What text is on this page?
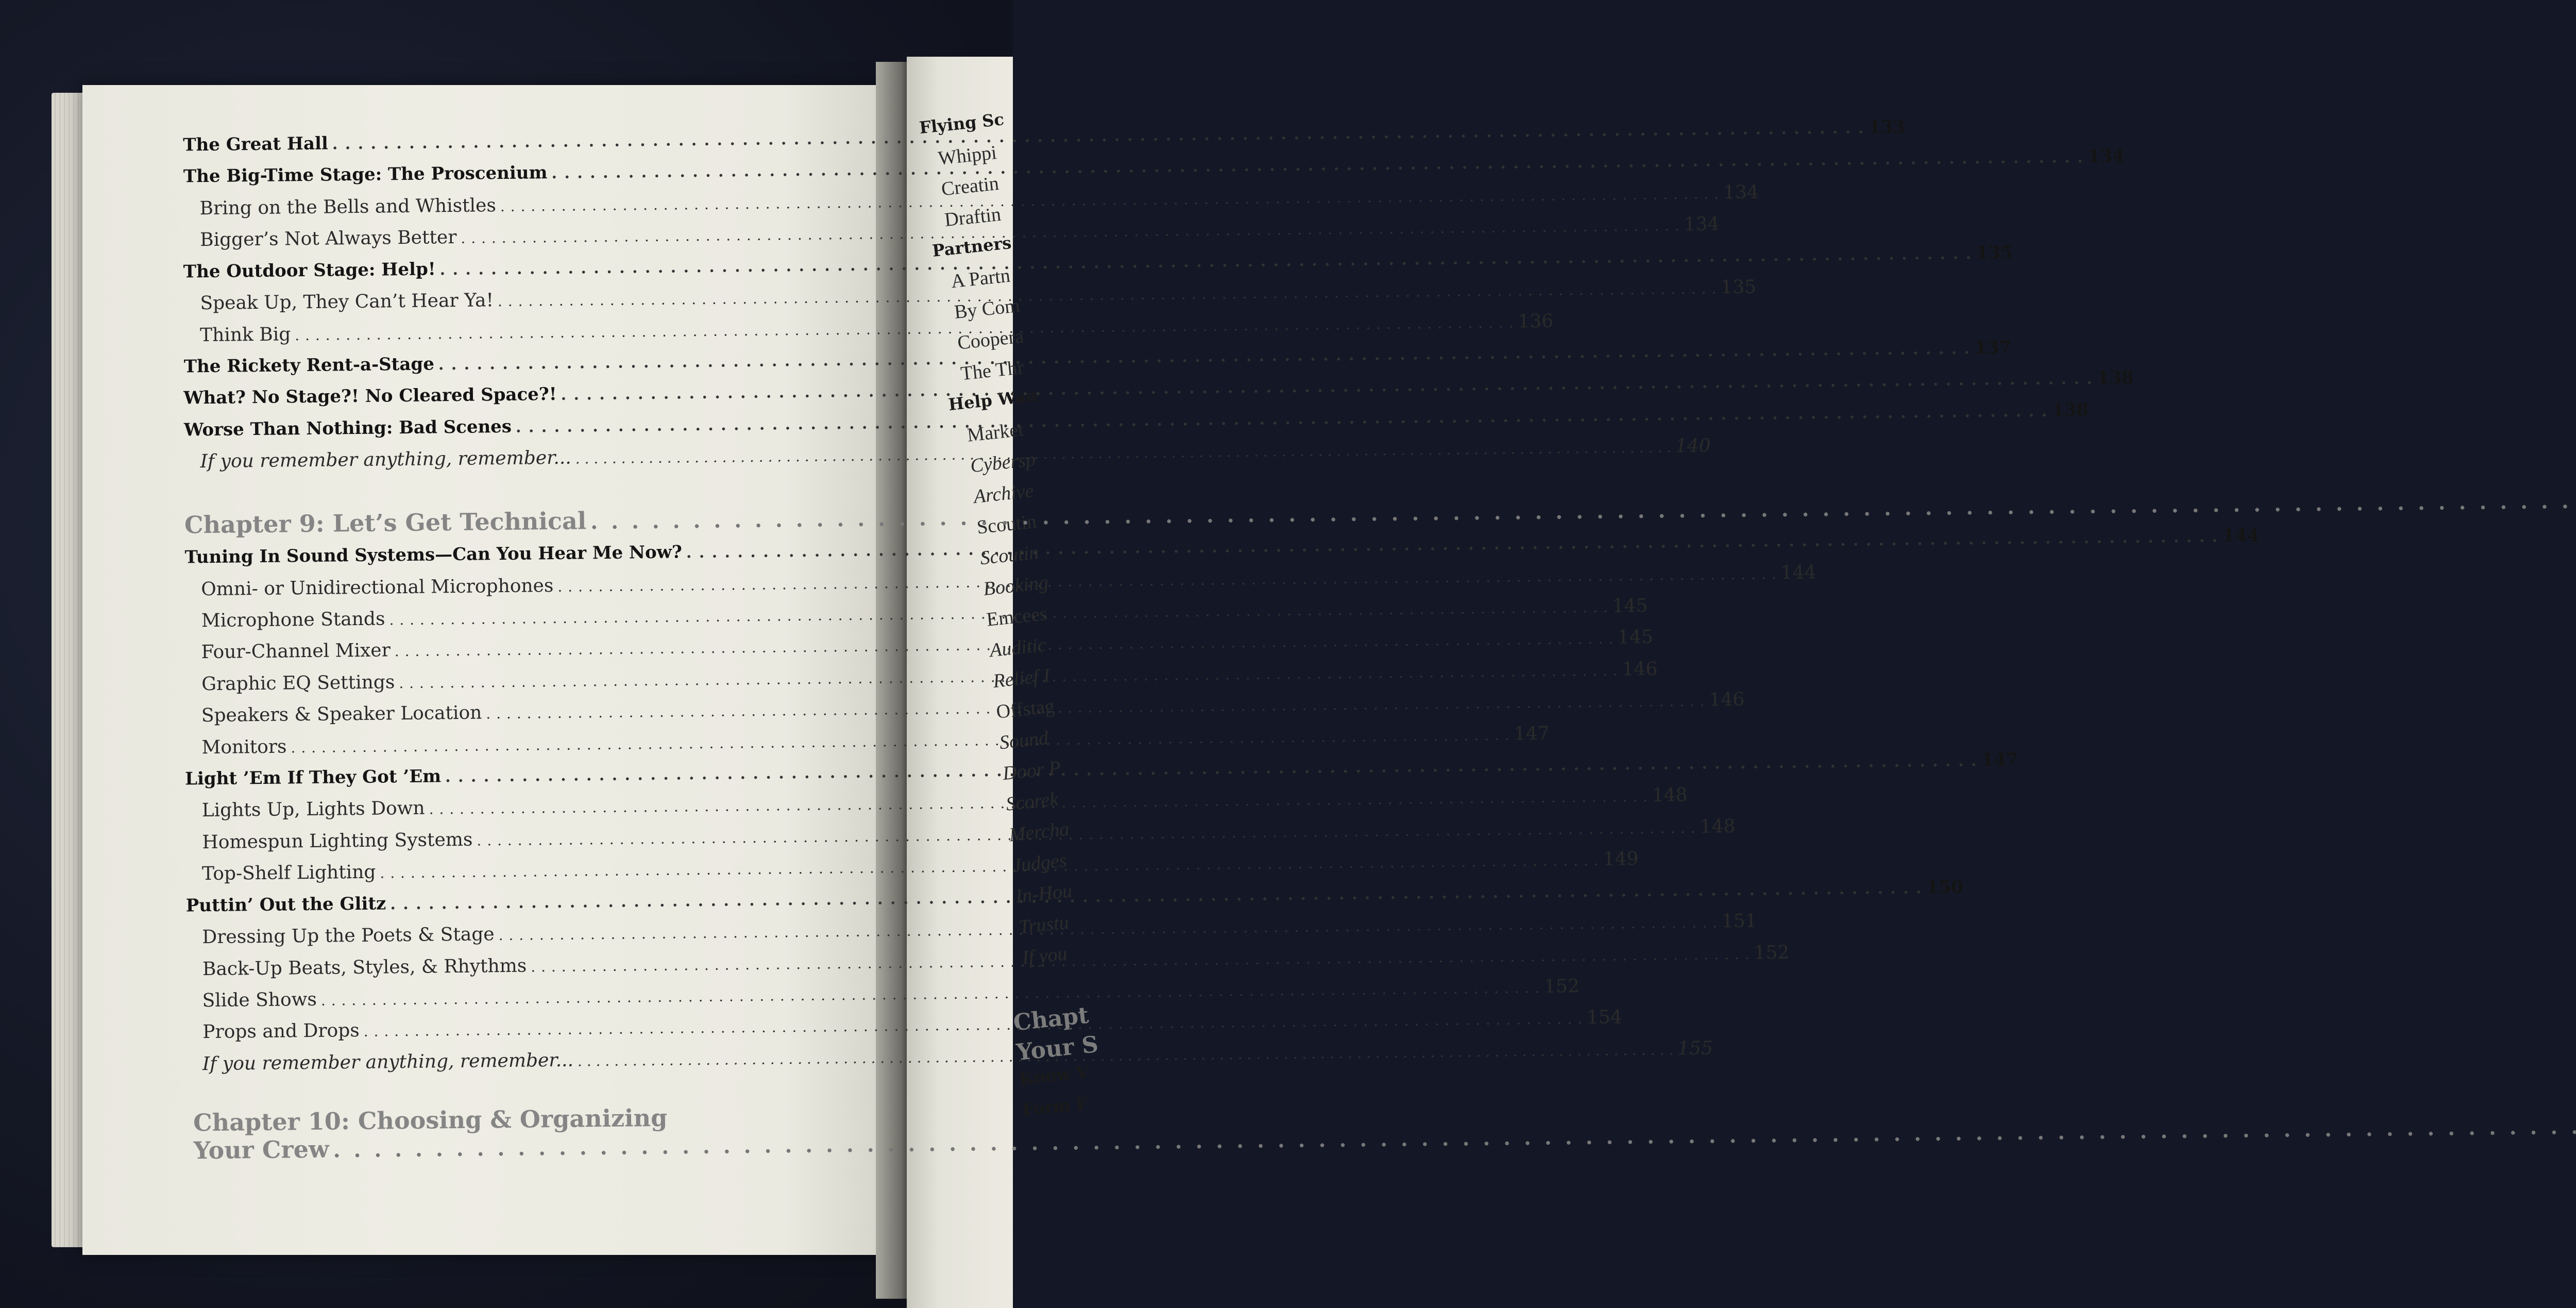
Flying Sc
Whippi
Creatin
Draftin
Partners
A Partn
By Com
Coopera
The Thr
Help Wan
Market
Cybersp
Archive
Scoutin
Scoutin
Booking
Emcees
Auditic
Relief I
Offstag
Sound
Door P
Scorek
Mercha
Judges
In-Hou
Trustu
If you
Chapt
Your S
Know V
Form F
The Great Hall
. . .
133
The Big-Time Stage: The Proscenium
. . .
134
Bring on the Bells and Whistles
. . .
134
Bigger’s Not Always Better
. . .
134
The Outdoor Stage: Help!
. . .
135
Speak Up, They Can’t Hear Ya!
. . .
135
Think Big
. . .
136
The Rickety Rent-a-Stage
. . .
137
What? No Stage?! No Cleared Space?!
. . .
138
Worse Than Nothing: Bad Scenes
. . .
138
If you remember anything, remember...
. . .
140
Chapter 9: Let’s Get Technical
. . .
Tuning In Sound Systems—Can You Hear Me Now?
. . .
144
Omni- or Unidirectional Microphones
. . .
144
Microphone Stands
. . .
145
Four-Channel Mixer
. . .
145
Graphic EQ Settings
. . .
146
Speakers & Speaker Location
. . .
146
Monitors
. . .
147
Light ’Em If They Got ’Em
. . .
147
Lights Up, Lights Down
. . .
148
Homespun Lighting Systems
. . .
148
Top-Shelf Lighting
. . .
149
Puttin’ Out the Glitz
. . .
150
Dressing Up the Poets & Stage
. . .
151
Back-Up Beats, Styles, & Rhythms
. . .
152
Slide Shows
. . .
152
Props and Drops
. . .
154
If you remember anything, remember...
. . .
155
Chapter 10: Choosing & Organizing
Your Crew
. . .
